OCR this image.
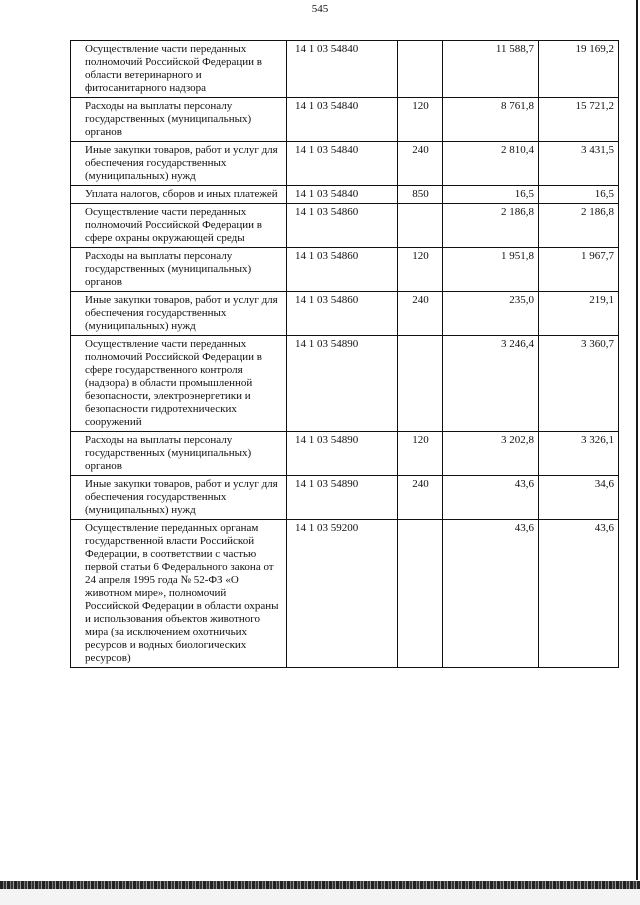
545
Осуществление части переданных полномочий Российской Федерации в области ветеринарного и фитосанитарного надзора	14 1 03 54840		11 588,7	19 169,2
Расходы на выплаты персоналу государственных (муниципальных) органов	14 1 03 54840	120	8 761,8	15 721,2
Иные закупки товаров, работ и услуг для обеспечения государственных (муниципальных) нужд	14 1 03 54840	240	2 810,4	3 431,5
Уплата налогов, сборов и иных платежей	14 1 03 54840	850	16,5	16,5
Осуществление части переданных полномочий Российской Федерации в сфере охраны окружающей среды	14 1 03 54860		2 186,8	2 186,8
Расходы на выплаты персоналу государственных (муниципальных) органов	14 1 03 54860	120	1 951,8	1 967,7
Иные закупки товаров, работ и услуг для обеспечения государственных (муниципальных) нужд	14 1 03 54860	240	235,0	219,1
Осуществление части переданных полномочий Российской Федерации в сфере государственного контроля (надзора) в области промышленной безопасности, электроэнергетики и безопасности гидротехнических сооружений	14 1 03 54890		3 246,4	3 360,7
Расходы на выплаты персоналу государственных (муниципальных) органов	14 1 03 54890	120	3 202,8	3 326,1
Иные закупки товаров, работ и услуг для обеспечения государственных (муниципальных) нужд	14 1 03 54890	240	43,6	34,6
Осуществление переданных органам государственной власти Российской Федерации, в соответствии с частью первой статьи 6 Федерального закона от 24 апреля 1995 года № 52-ФЗ «О животном мире», полномочий Российской Федерации в области охраны и использования объектов животного мира (за исключением охотничьих ресурсов и водных биологических ресурсов)	14 1 03 59200		43,6	43,6
